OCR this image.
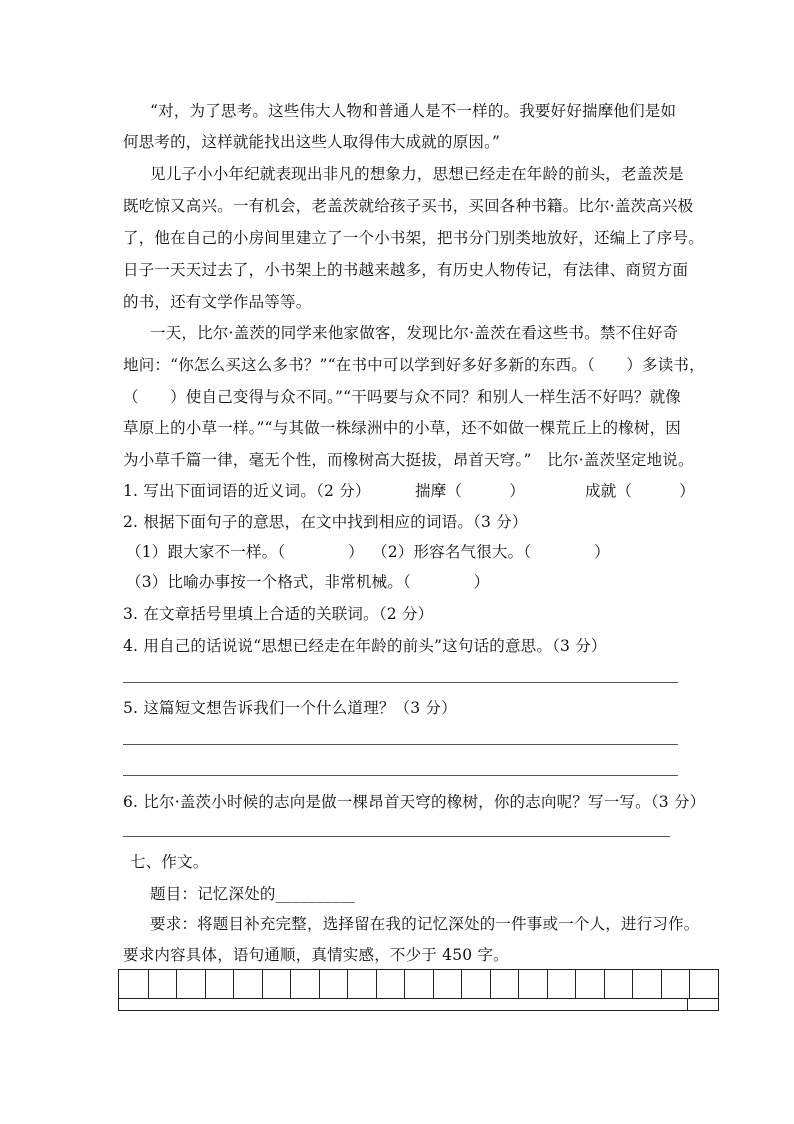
“对，为了思考。这些伟大人物和普通人是不一样的。我要好好揣摩他们是如
何思考的，这样就能找出这些人取得伟大成就的原因。”
见儿子小小年纪就表现出非凡的想象力，思想已经走在年龄的前头，老盖茨是
既吃惊又高兴。一有机会，老盖茨就给孩子买书，买回各种书籍。比尔·盖茨高兴极
了，他在自己的小房间里建立了一个小书架，把书分门别类地放好，还编上了序号。
日子一天天过去了，小书架上的书越来越多，有历史人物传记，有法律、商贸方面
的书，还有文学作品等等。
一天，比尔·盖茨的同学来他家做客，发现比尔·盖茨在看这些书。禁不住好奇
地问：“你怎么买这么多书？”“在书中可以学到好多好多新的东西。（　　）多读书，
（　　）使自己变得与众不同。”“干吗要与众不同？和别人一样生活不好吗？就像
草原上的小草一样。”“与其做一株绿洲中的小草，还不如做一棵荒丘上的橡树，因
为小草千篇一律，毫无个性，而橡树高大挺拔，昂首天穹。”　比尔·盖茨坚定地说。
1. 写出下面词语的近义词。（2 分）	揣摩（　　　）	成就（　　　）
2. 根据下面句子的意思，在文中找到相应的词语。（3 分）
（1）跟大家不一样。（　　　　） （2）形容名气很大。（　　　　）
（3）比喻办事按一个格式，非常机械。（　　　　）
3. 在文章括号里填上合适的关联词。（2 分）
4. 用自己的话说说“思想已经走在年龄的前头”这句话的意思。（3 分）
5. 这篇短文想告诉我们一个什么道理？（3 分）
6. 比尔·盖茨小时候的志向是做一棵昂首天穹的橡树，你的志向呢？写一写。（3 分）
七、作文。
题目：记忆深处的__________
要求：将题目补充完整，选择留在我的记忆深处的一件事或一个人，进行习作。
要求内容具体，语句通顺，真情实感，不少于 450 字。
